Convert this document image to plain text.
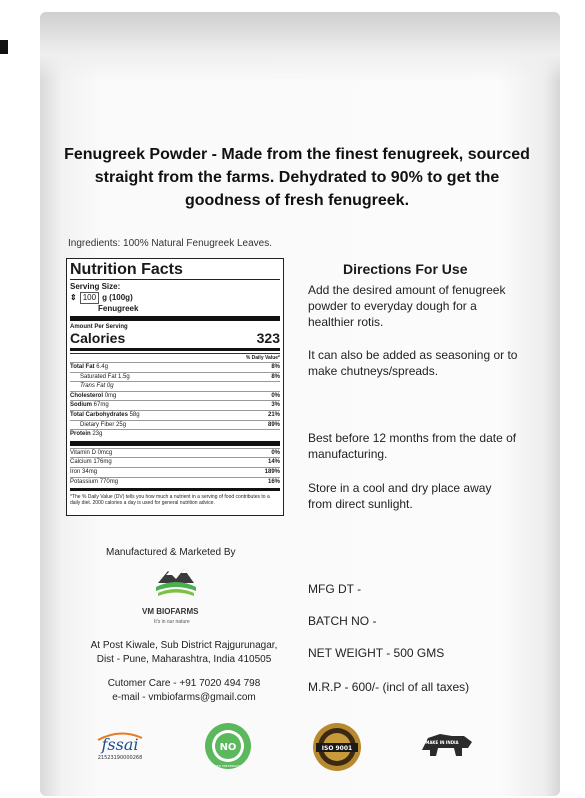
Fenugreek Powder - Made from the finest fenugreek, sourced straight from the farms. Dehydrated to 90% to get the goodness of fresh fenugreek.
Ingredients: 100% Natural Fenugreek Leaves.
Nutrition Facts
Serving Size:
⇕ 100 g (100g)
Fenugreek
Amount Per Serving
Calories	323
% Daily Value*
Total Fat 6.4g	8%
Saturated Fat 1.5g	8%
Trans Fat 0g
Cholesterol 0mg	0%
Sodium 67mg	3%
Total Carbohydrates 58g	21%
Dietary Fiber 25g	89%
Protein 23g
Vitamin D 0mcg	0%
Calcium 176mg	14%
Iron 34mg	189%
Potassium 770mg	16%
*The % Daily Value (DV) tells you how much a nutrient in a serving of food contributes to a daily diet. 2000 calories a day is used for general nutrition advice.
Directions For Use
Add the desired amount of fenugreek powder to everyday dough for a healthier rotis.
It can also be added as seasoning or to make chutneys/spreads.
Best before 12 months from the date of manufacturing.
Store in a cool and dry place away from direct sunlight.
Manufactured & Marketed By
VM BIOFARMS
It's in our nature
At Post Kiwale, Sub District Rajgurunagar,
Dist - Pune, Maharashtra, India 410505
Cutomer Care - +91 7020 494 798
e-mail - vmbiofarms@gmail.com
MFG DT -
BATCH NO -
NET WEIGHT - 500 GMS
M.R.P - 600/- (incl of all taxes)
fssai
21523190000268
NO
ADDED PRESERVATIVES
ISO 9001
MAKE IN INDIA
